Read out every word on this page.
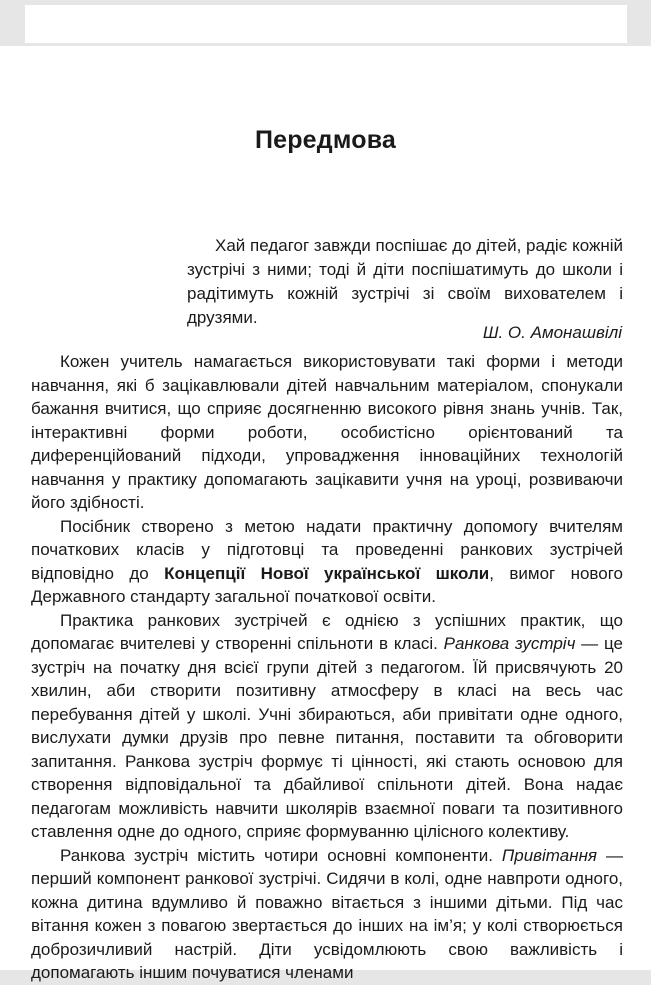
Передмова

Хай педагог завжди поспішає до дітей, радіє кожній зустрічі з ними; тоді й діти поспішатимуть до школи і радітимуть кожній зустрічі зі своїм вихователем і друзями.

Ш. О. Амонашвілі

Кожен учитель намагається використовувати такі форми і методи навчання, які б зацікавлювали дітей навчальним матеріалом, спонукали бажання вчитися, що сприяє досягненню високого рівня знань учнів. Так, інтерактивні форми роботи, особистісно орієнтований та диференційований підходи, упровадження інноваційних технологій навчання у практику допомагають зацікавити учня на уроці, розвиваючи його здібності.

Посібник створено з метою надати практичну допомогу вчителям початкових класів у підготовці та проведенні ранкових зустрічей відповідно до Концепції Нової української школи, вимог нового Державного стандарту загальної початкової освіти.

Практика ранкових зустрічей є однією з успішних практик, що допомагає вчителеві у створенні спільноти в класі. Ранкова зустріч — це зустріч на початку дня всієї групи дітей з педагогом. Їй присвячують 20 хвилин, аби створити позитивну атмосферу в класі на весь час перебування дітей у школі. Учні збираються, аби привітати одне одного, вислухати думки друзів про певне питання, поставити та обговорити запитання. Ранкова зустріч формує ті цінності, які стають основою для створення відповідальної та дбайливої спільноти дітей. Вона надає педагогам можливість навчити школярів взаємної поваги та позитивного ставлення одне до одного, сприяє формуванню цілісного колективу.

Ранкова зустріч містить чотири основні компоненти. Привітання — перший компонент ранкової зустрічі. Сидячи в колі, одне навпроти одного, кожна дитина вдумливо й поважно вітається з іншими дітьми. Під час вітання кожен з повагою звертається до інших на ім’я; у колі створюється доброзичливий настрій. Діти усвідомлюють свою важливість і допомагають іншим почуватися членами
